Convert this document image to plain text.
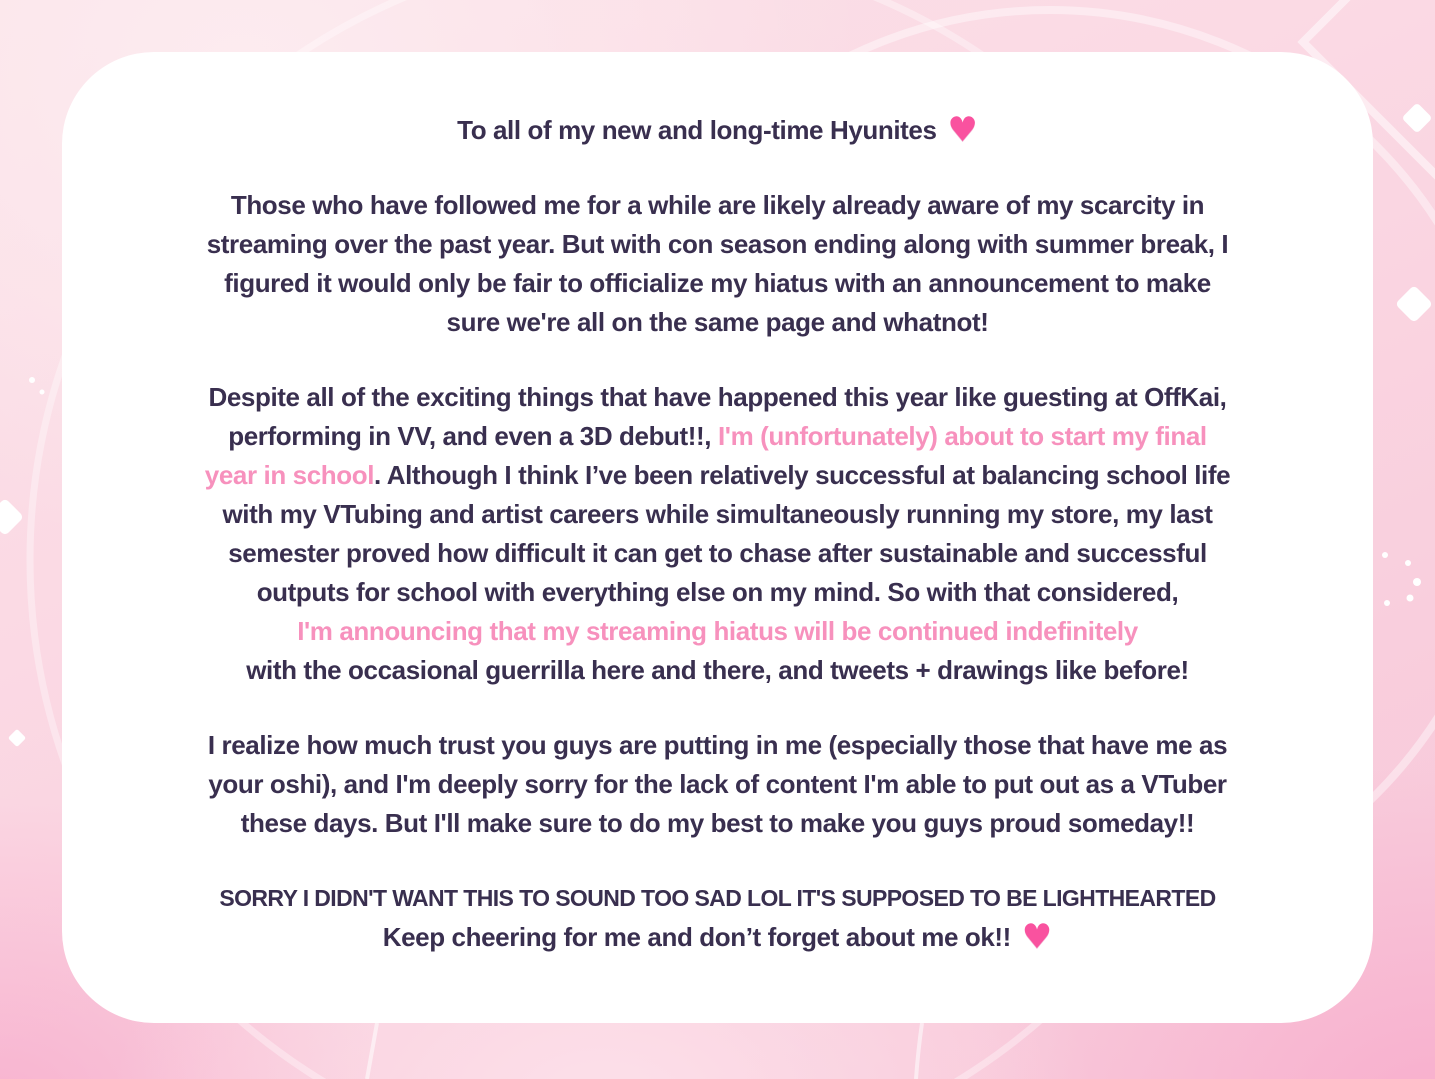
To all of my new and long-time Hyunites ♥
Those who have followed me for a while are likely already aware of my scarcity in
streaming over the past year. But with con season ending along with summer break, I
figured it would only be fair to officialize my hiatus with an announcement to make
sure we're all on the same page and whatnot!
Despite all of the exciting things that have happened this year like guesting at OffKai,
performing in VV, and even a 3D debut!!, I'm (unfortunately) about to start my final
year in school. Although I think I’ve been relatively successful at balancing school life
with my VTubing and artist careers while simultaneously running my store, my last
semester proved how difficult it can get to chase after sustainable and successful
outputs for school with everything else on my mind. So with that considered,
I'm announcing that my streaming hiatus will be continued indefinitely
with the occasional guerrilla here and there, and tweets + drawings like before!
I realize how much trust you guys are putting in me (especially those that have me as
your oshi), and I'm deeply sorry for the lack of content I'm able to put out as a VTuber
these days. But I'll make sure to do my best to make you guys proud someday!!
SORRY I DIDN'T WANT THIS TO SOUND TOO SAD LOL IT'S SUPPOSED TO BE LIGHTHEARTED
Keep cheering for me and don’t forget about me ok!! ♥
